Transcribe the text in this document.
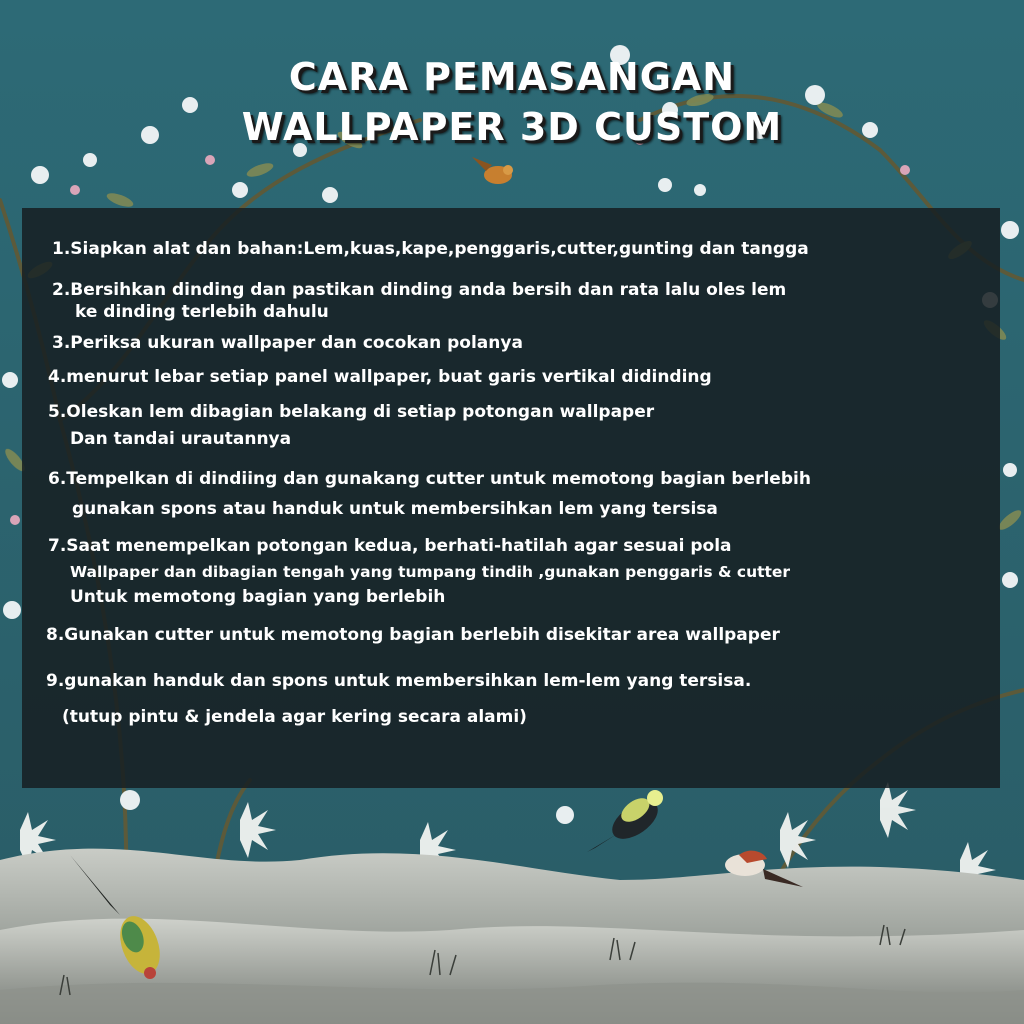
CARA PEMASANGAN
WALLPAPER 3D CUSTOM
1.Siapkan alat dan bahan:Lem,kuas,kape,penggaris,cutter,gunting dan tangga
2.Bersihkan dinding dan pastikan dinding anda bersih dan rata lalu oles lem
ke dinding terlebih dahulu
3.Periksa ukuran wallpaper dan cocokan polanya
4.menurut lebar setiap panel wallpaper, buat garis vertikal didinding
5.Oleskan lem dibagian belakang di setiap potongan wallpaper
Dan tandai urautannya
6.Tempelkan di dindiing dan gunakang cutter untuk memotong bagian berlebih
gunakan spons atau handuk untuk membersihkan lem yang tersisa
7.Saat menempelkan potongan kedua, berhati-hatilah agar sesuai pola
Wallpaper dan dibagian tengah yang tumpang tindih ,gunakan penggaris & cutter
Untuk memotong bagian yang berlebih
8.Gunakan cutter untuk memotong bagian berlebih disekitar area wallpaper
9.gunakan handuk dan spons untuk membersihkan lem-lem yang tersisa.
(tutup pintu & jendela agar kering secara alami)
